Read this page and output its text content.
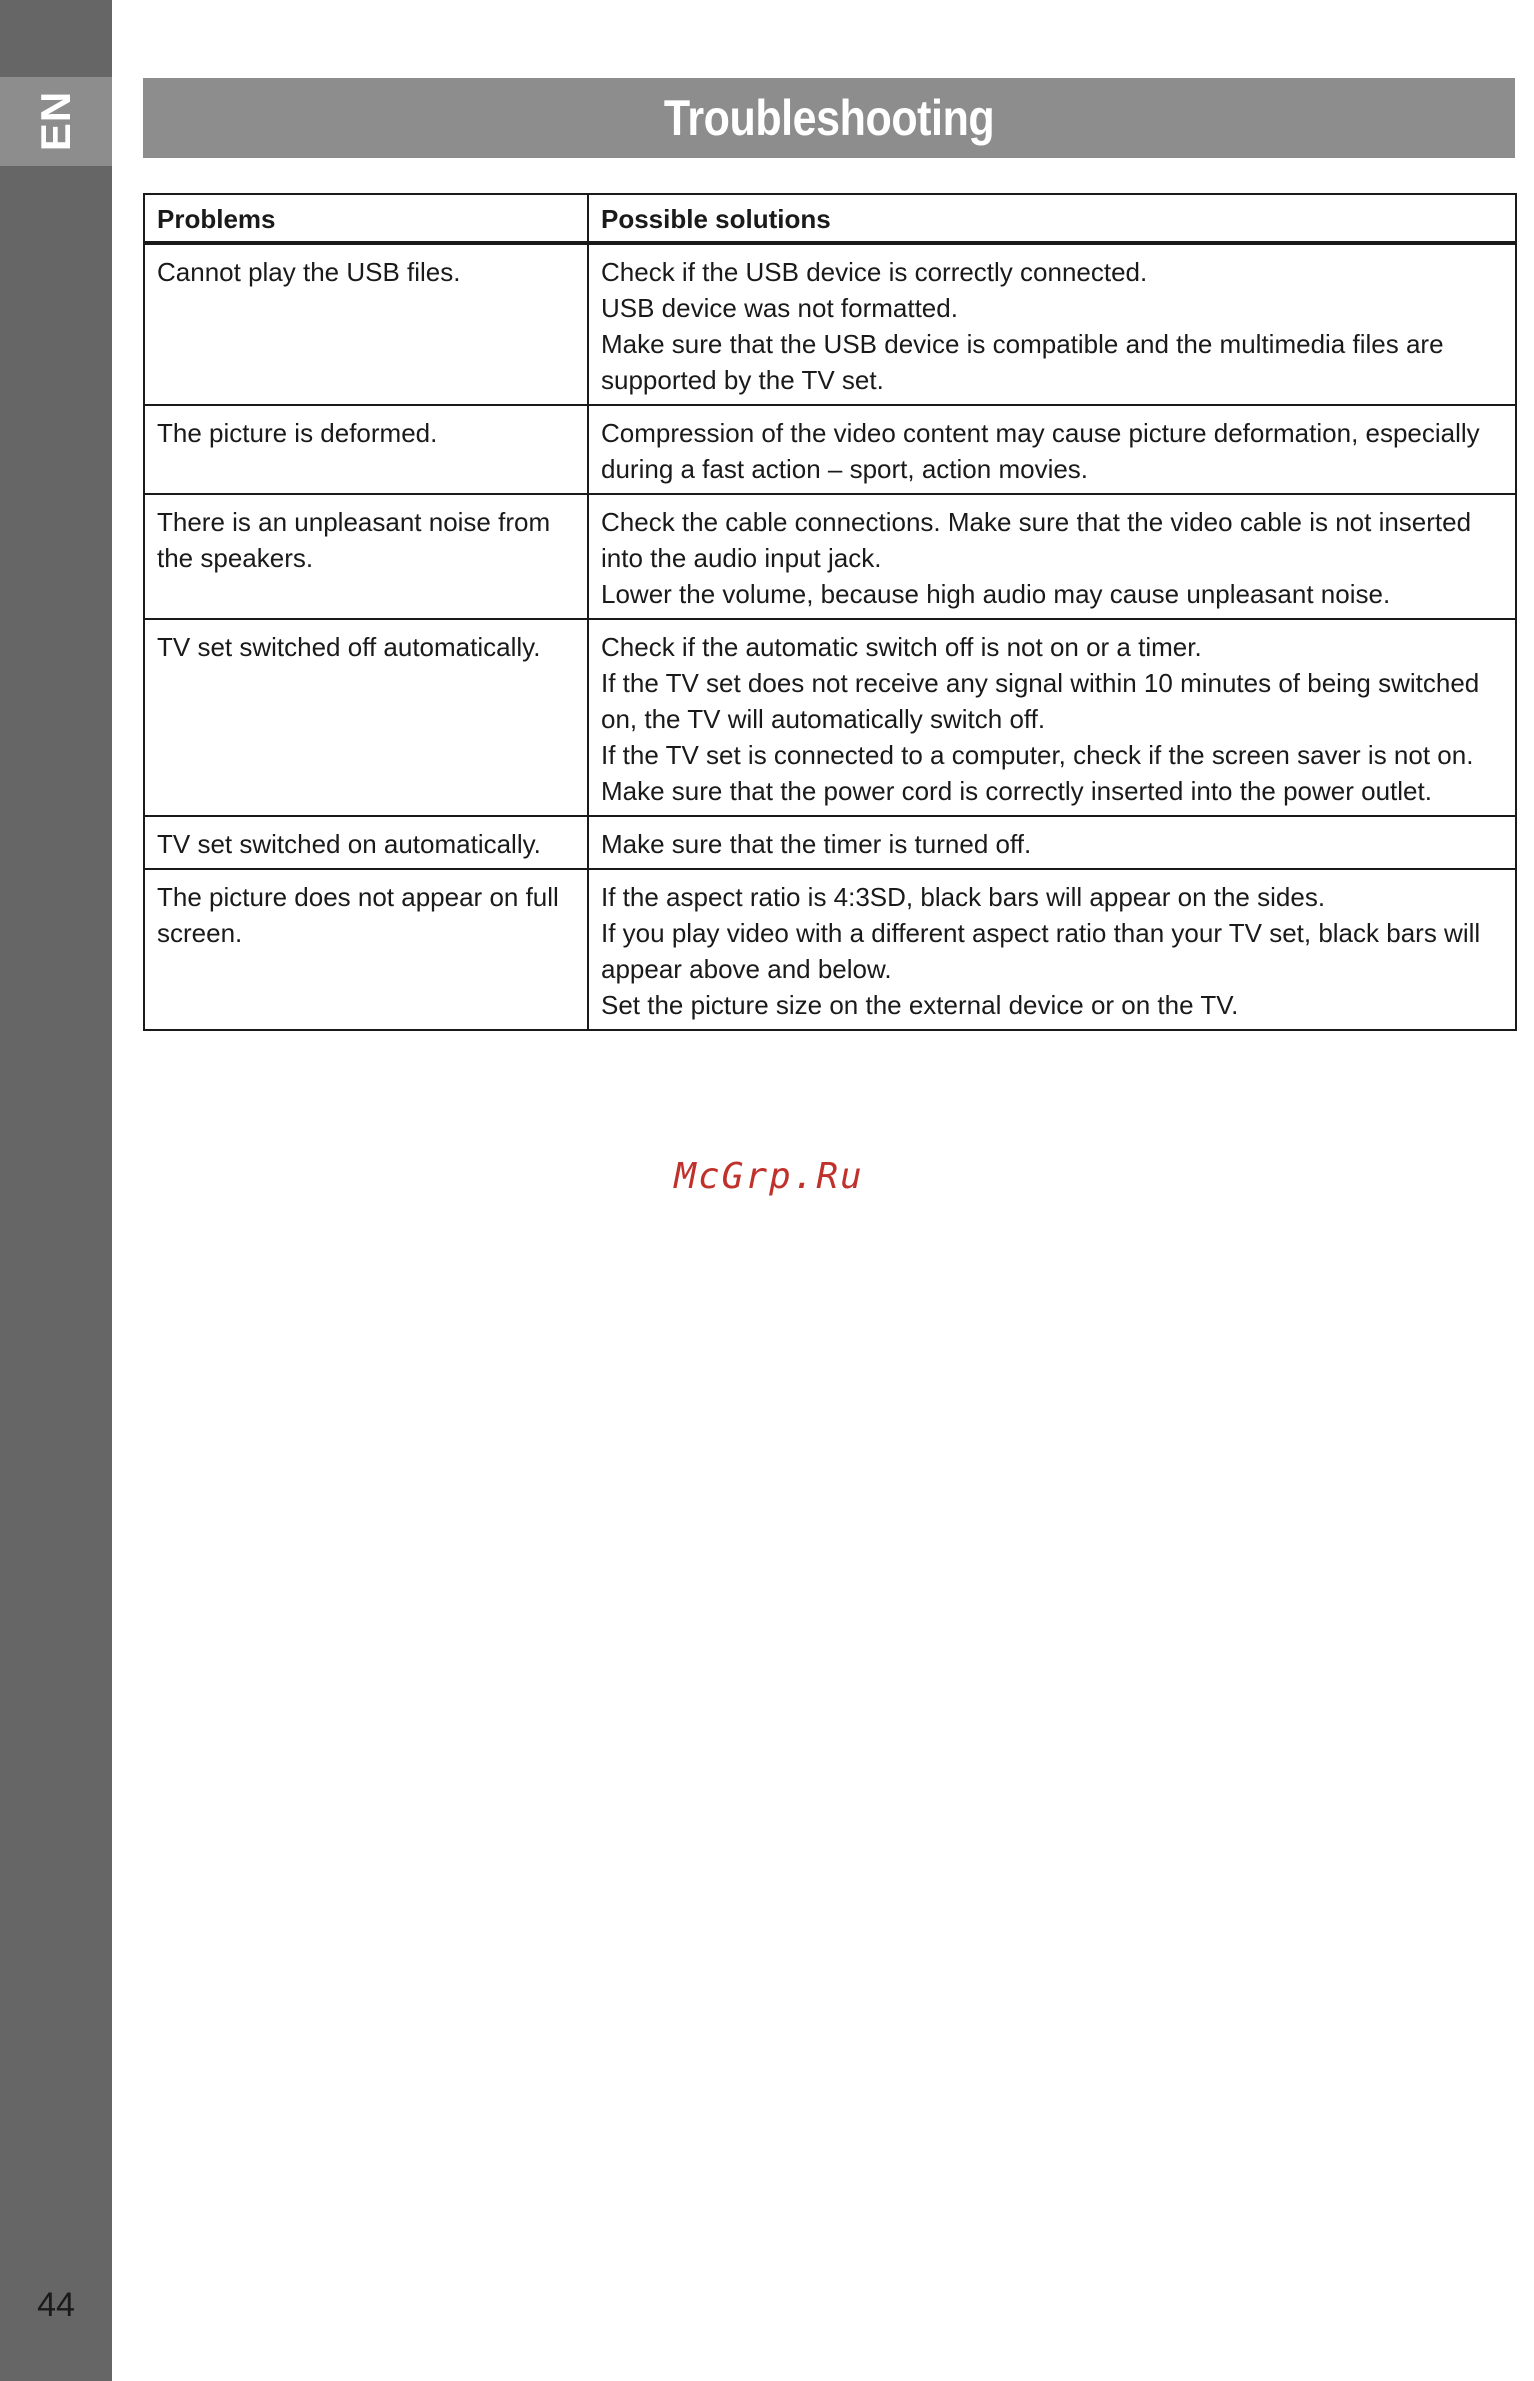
EN
44
Troubleshooting
Problems	Possible solutions
Cannot play the USB files.	Check if the USB device is correctly connected.
USB device was not formatted.
Make sure that the USB device is compatible and the multimedia files are supported by the TV set.

The picture is deformed.	Compression of the video content may cause picture deformation, especially during a fast action – sport, action movies.

There is an unpleasant noise from the speakers.	Check the cable connections. Make sure that the video cable is not inserted into the audio input jack.
Lower the volume, because high audio may cause unpleasant noise.

TV set switched off automatically.	Check if the automatic switch off is not on or a timer.
If the TV set does not receive any signal within 10 minutes of being switched on, the TV will automatically switch off.
If the TV set is connected to a computer, check if the screen saver is not on.
Make sure that the power cord is correctly inserted into the power outlet.

TV set switched on automatically.	Make sure that the timer is turned off.

The picture does not appear on full screen.	If the aspect ratio is 4:3SD, black bars will appear on the sides.
If you play video with a different aspect ratio than your TV set, black bars will appear above and below.
Set the picture size on the external device or on the TV.
McGrp.Ru
